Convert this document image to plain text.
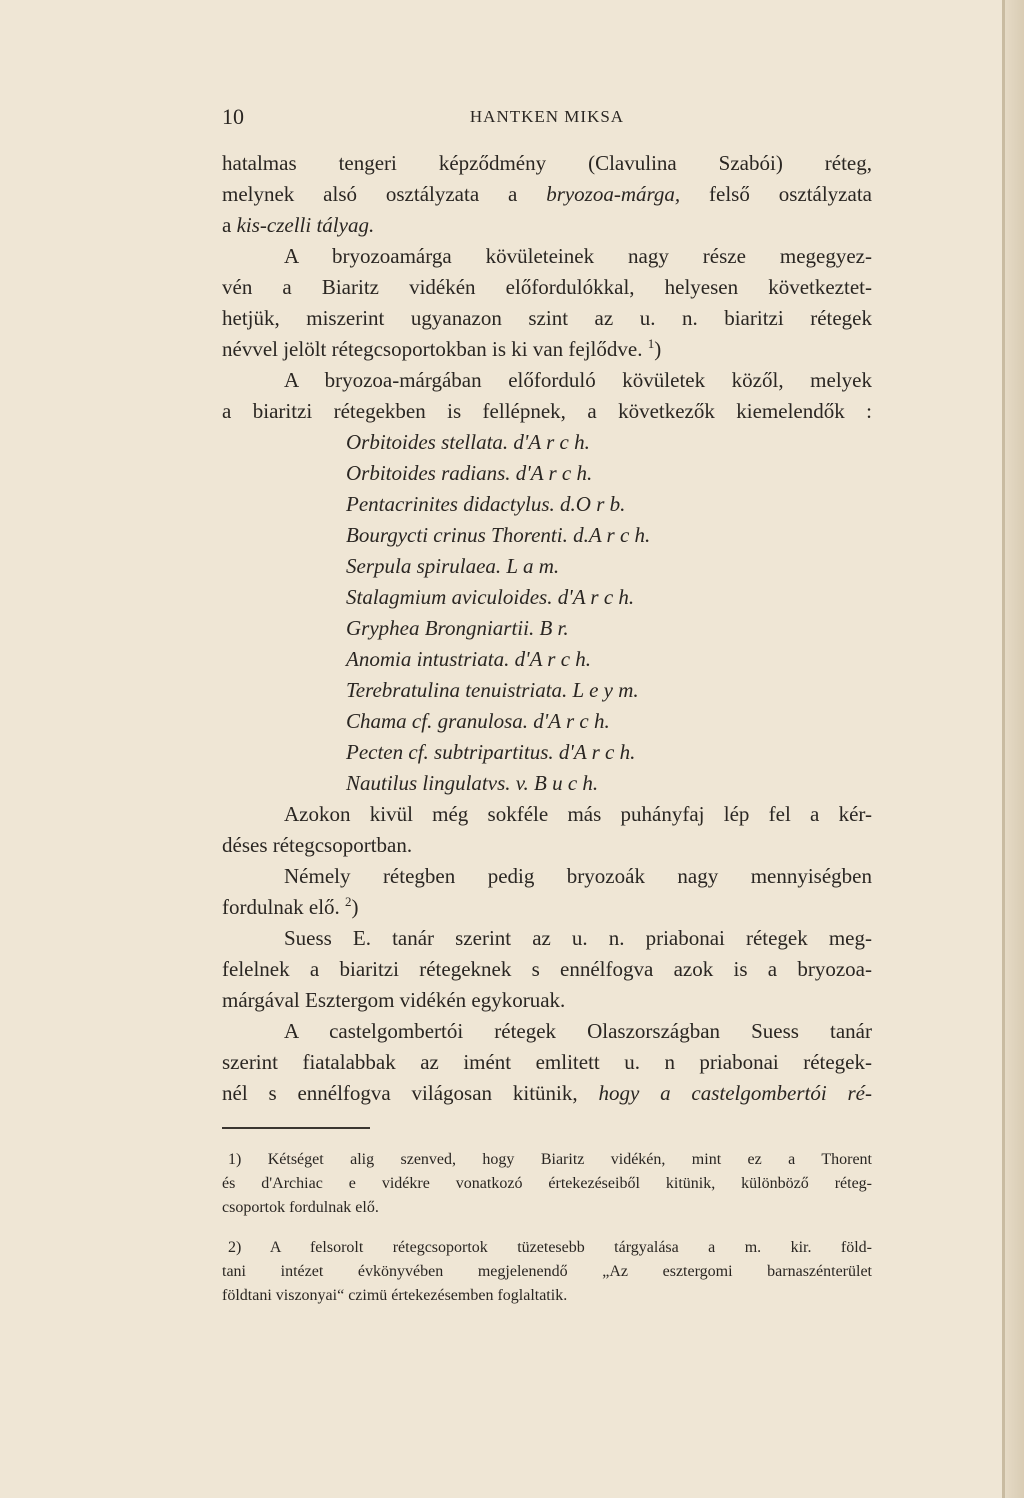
10	HANTKEN MIKSA
hatalmas tengeri képződmény (Clavulina Szabói) réteg,
melynek alsó osztályzata a bryozoa-márga, felső osztályzata
a kis-czelli tályag.
A bryozoamárga kövületeinek nagy része megegyez-
vén a Biaritz vidékén előfordulókkal, helyesen következtet-
hetjük, miszerint ugyanazon szint az u. n. biaritzi rétegek
névvel jelölt rétegcsoportokban is ki van fejlődve. $^1$)
A bryozoa-márgában előforduló kövületek közől, melyek
a biaritzi rétegekben is fellépnek, a következők kiemelendők :
Orbitoides stellata. d'A r c h.
Orbitoides radians. d'A r c h.
Pentacrinites didactylus. d.O r b.
Bourgycti crinus Thorenti. d.A r c h.
Serpula spirulaea. L a m.
Stalagmium aviculoides. d'A r c h.
Gryphea Brongniartii. B r.
Anomia intustriata. d'A r c h.
Terebratulina tenuistriata. L e y m.
Chama cf. granulosa. d'A r c h.
Pecten cf. subtripartitus. d'A r c h.
Nautilus lingulatvs. v. B u c h.
Azokon kivül még sokféle más puhányfaj lép fel a kér-
déses rétegcsoportban.
Némely rétegben pedig bryozoák nagy mennyiségben
fordulnak elő. $^2$)
Suess E. tanár szerint az u. n. priabonai rétegek meg-
felelnek a biaritzi rétegeknek s ennélfogva azok is a bryozoa-
márgával Esztergom vidékén egykoruak.
A castelgombertói rétegek Olaszországban Suess tanár
szerint fiatalabbak az imént emlitett u. n priabonai rétegek-
nél s ennélfogva világosan kitünik, hogy a castelgombertói ré-
1) Kétséget alig szenved, hogy Biaritz vidékén, mint ez a Thorent
és d'Archiac e vidékre vonatkozó értekezéseiből kitünik, különböző réteg-
csoportok fordulnak elő.
2) A felsorolt rétegcsoportok tüzetesebb tárgyalása a m. kir. föld-
tani intézet évkönyvében megjelenendő „Az esztergomi barnaszénterület
földtani viszonyai“ czimü értekezésemben foglaltatik.
